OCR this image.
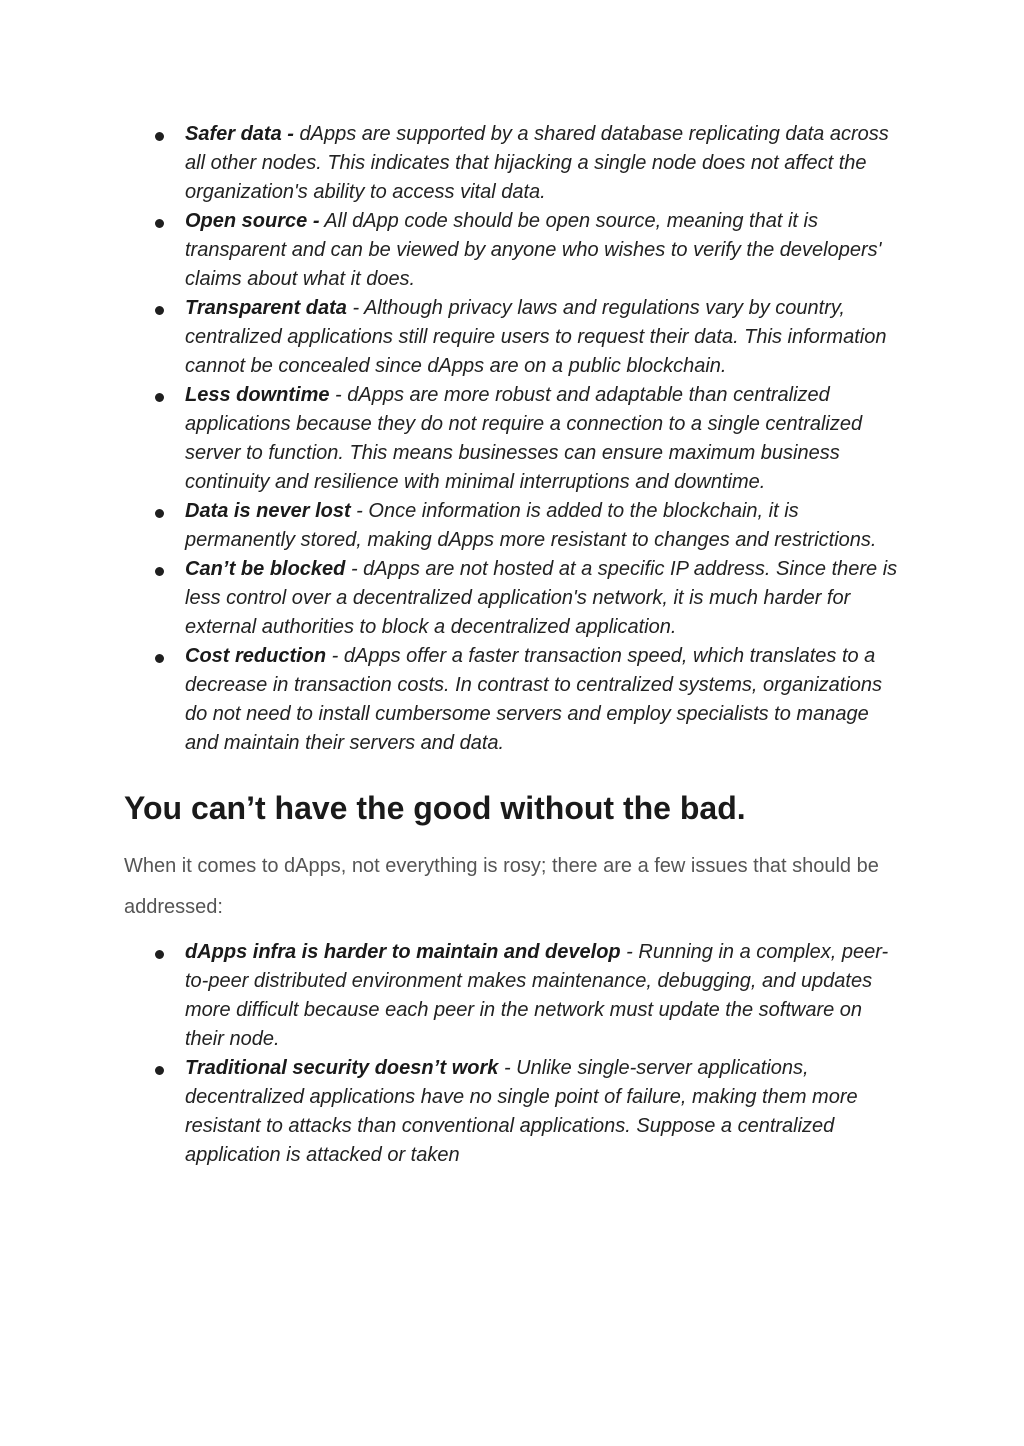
Safer data - dApps are supported by a shared database replicating data across all other nodes. This indicates that hijacking a single node does not affect the organization's ability to access vital data.
Open source - All dApp code should be open source, meaning that it is transparent and can be viewed by anyone who wishes to verify the developers' claims about what it does.
Transparent data - Although privacy laws and regulations vary by country, centralized applications still require users to request their data. This information cannot be concealed since dApps are on a public blockchain.
Less downtime - dApps are more robust and adaptable than centralized applications because they do not require a connection to a single centralized server to function. This means businesses can ensure maximum business continuity and resilience with minimal interruptions and downtime.
Data is never lost - Once information is added to the blockchain, it is permanently stored, making dApps more resistant to changes and restrictions.
Can’t be blocked - dApps are not hosted at a specific IP address. Since there is less control over a decentralized application's network, it is much harder for external authorities to block a decentralized application.
Cost reduction - dApps offer a faster transaction speed, which translates to a decrease in transaction costs. In contrast to centralized systems, organizations do not need to install cumbersome servers and employ specialists to manage and maintain their servers and data.
You can’t have the good without the bad.

When it comes to dApps, not everything is rosy; there are a few issues that should be addressed:

dApps infra is harder to maintain and develop - Running in a complex, peer-to-peer distributed environment makes maintenance, debugging, and updates more difficult because each peer in the network must update the software on their node.
Traditional security doesn’t work - Unlike single-server applications, decentralized applications have no single point of failure, making them more resistant to attacks than conventional applications. Suppose a centralized application is attacked or taken
